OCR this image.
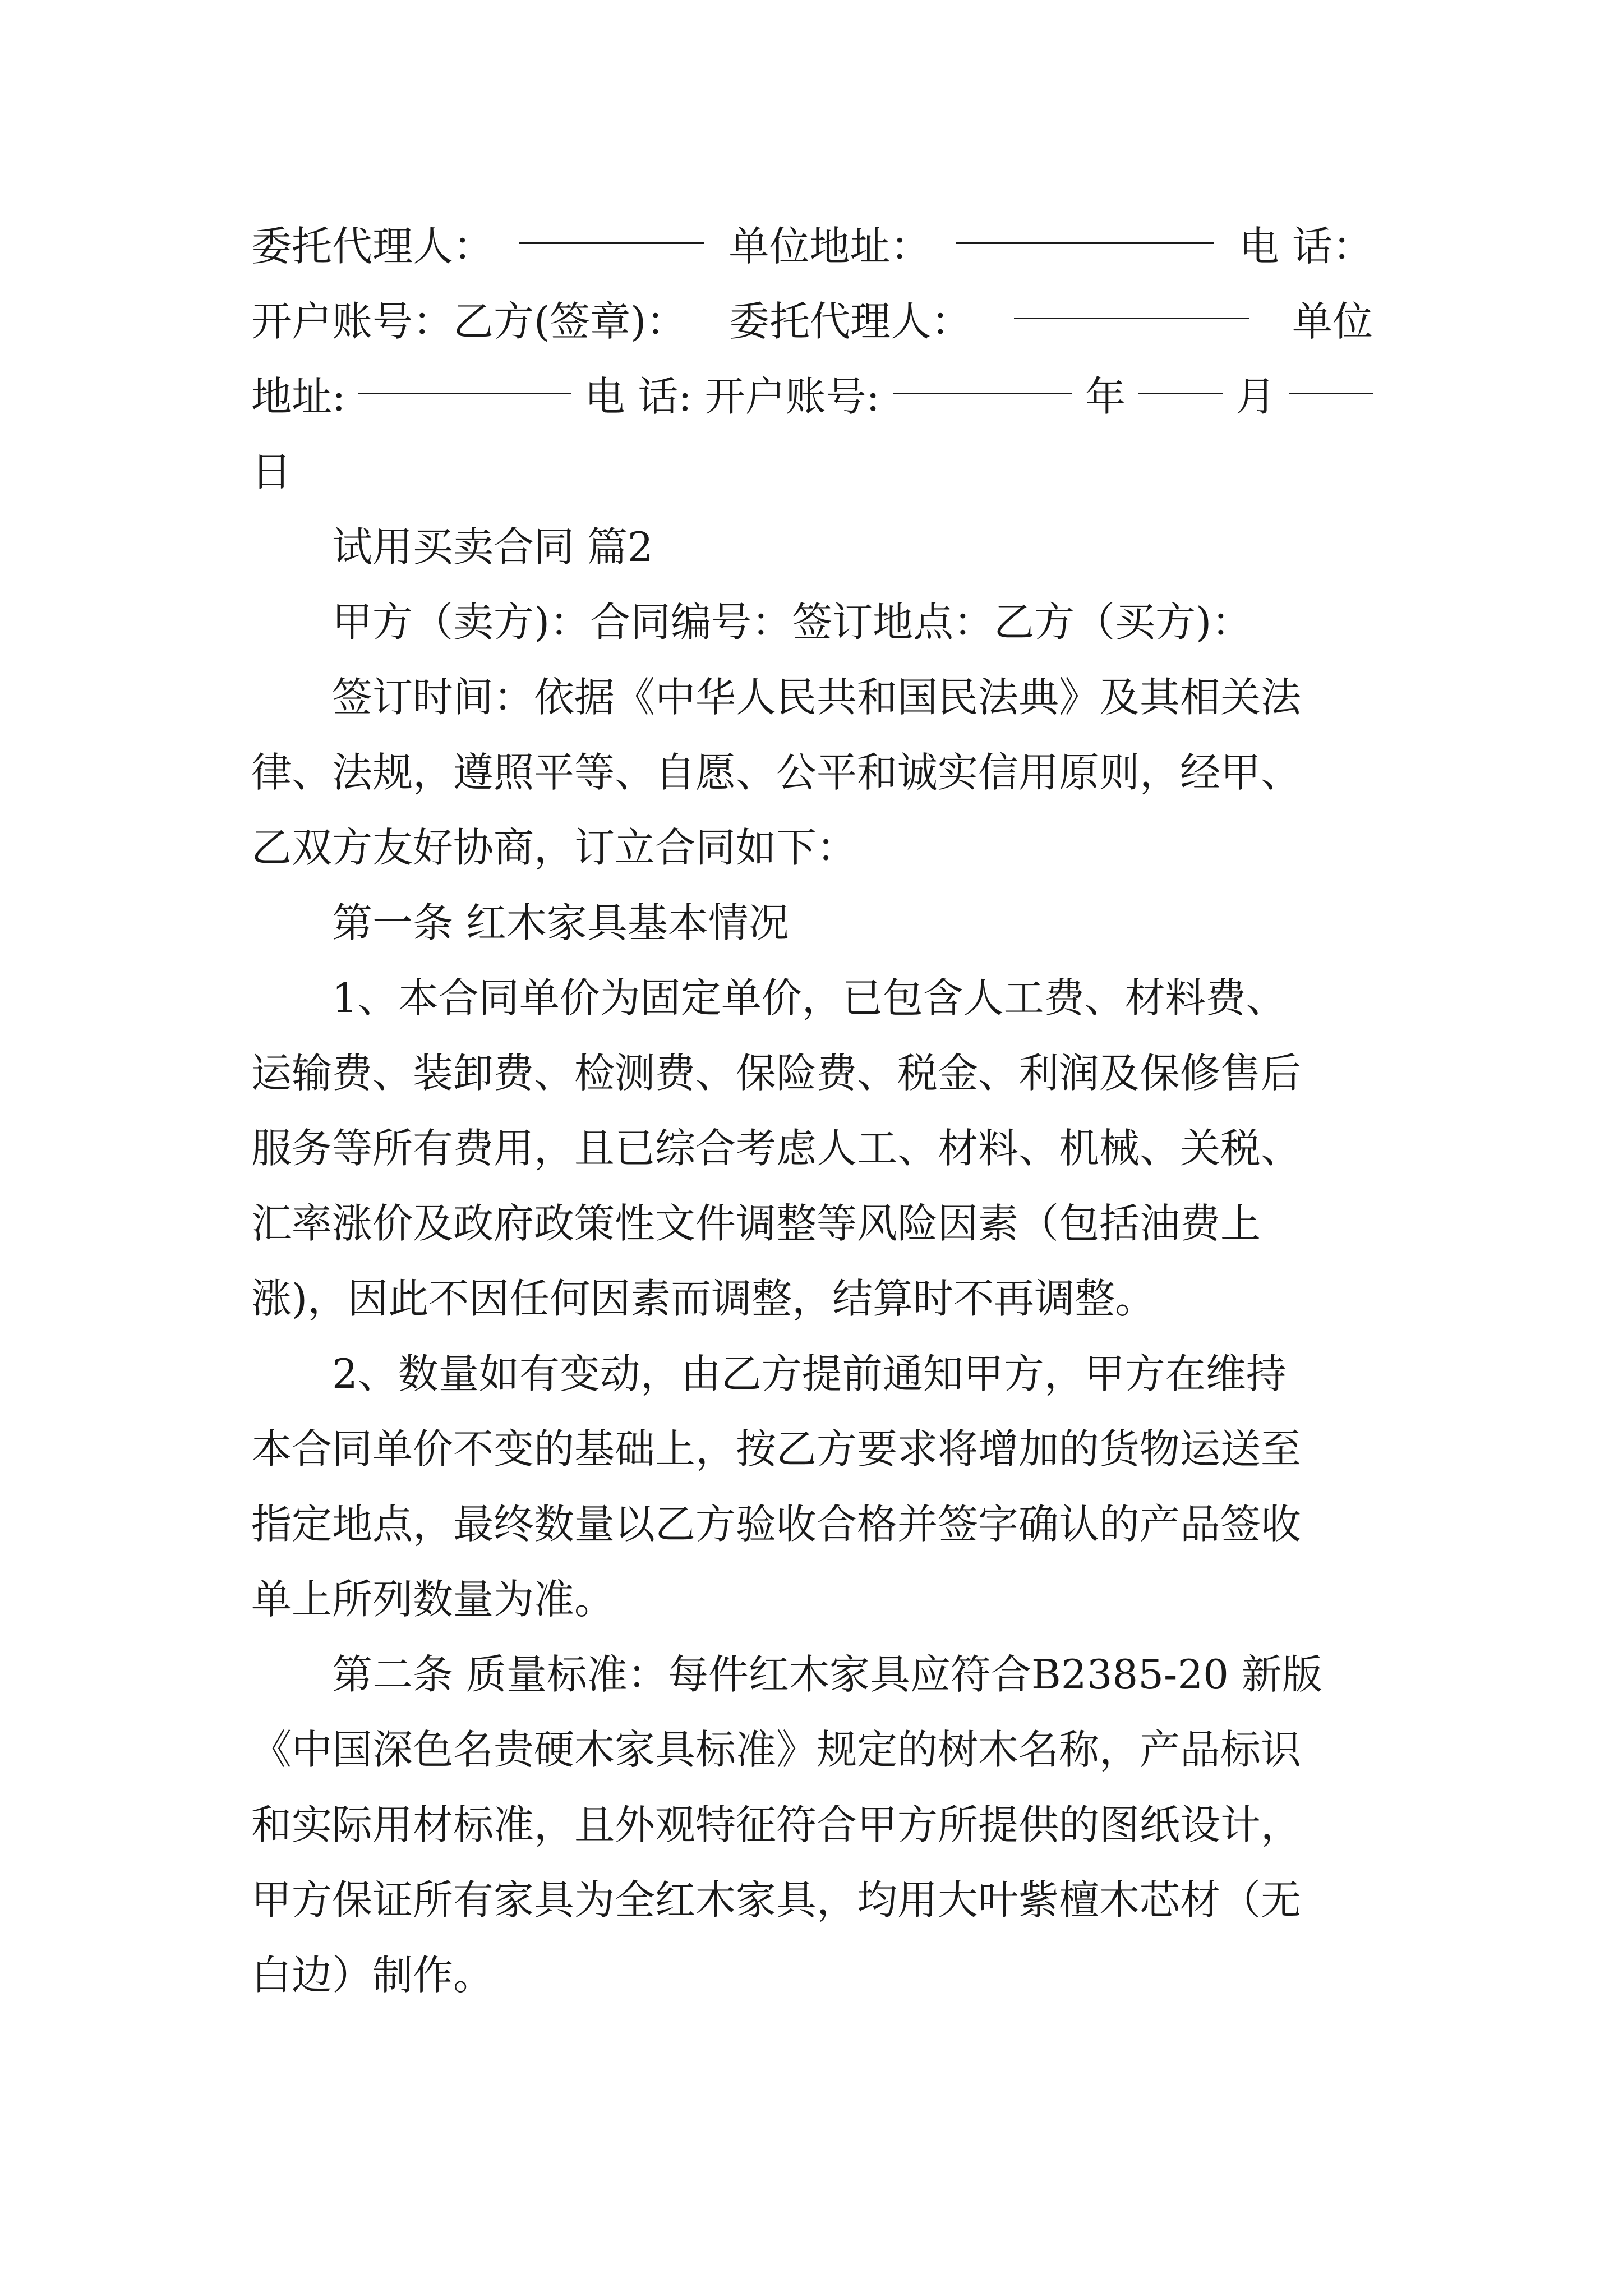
委托代理人：	单位地址：	电 话：
开户账号：乙方(签章)： 委托代理人：	单位
地址:	电 话: 开户账号:	年	月
日
试用买卖合同 篇2
甲方（卖方)：合同编号：签订地点：乙方（买方)：
签订时间：依据《中华人民共和国民法典》及其相关法
律、法规，遵照平等、自愿、公平和诚实信用原则，经甲、
乙双方友好协商，订立合同如下：
第一条 红木家具基本情况
1、本合同单价为固定单价，已包含人工费、材料费、
运输费、装卸费、检测费、保险费、税金、利润及保修售后
服务等所有费用，且已综合考虑人工、材料、机械、关税、
汇率涨价及政府政策性文件调整等风险因素（包括油费上
涨)，因此不因任何因素而调整，结算时不再调整。
2、数量如有变动，由乙方提前通知甲方，甲方在维持
本合同单价不变的基础上，按乙方要求将增加的货物运送至
指定地点，最终数量以乙方验收合格并签字确认的产品签收
单上所列数量为准。
第二条 质量标准：每件红木家具应符合B2385-20 新版
《中国深色名贵硬木家具标准》规定的树木名称，产品标识
和实际用材标准，且外观特征符合甲方所提供的图纸设计，
甲方保证所有家具为全红木家具，均用大叶紫檀木芯材（无
白边）制作。
